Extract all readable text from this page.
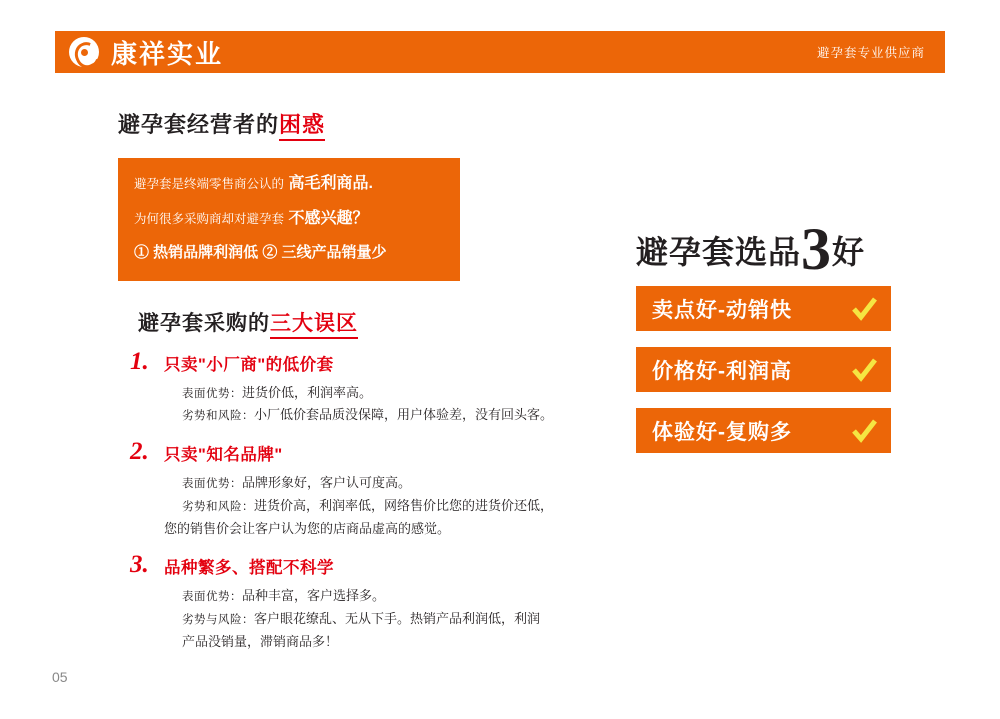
康祥实业	避孕套专业供应商
避孕套经营者的困惑
避孕套是终端零售商公认的 高毛利商品.
为何很多采购商却对避孕套 不感兴趣？
① 热销品牌利润低 ② 三线产品销量少
避孕套采购的三大误区
1. 只卖"小厂商"的低价套
表面优势：进货价低，利润率高。
劣势和风险：小厂低价套品质没保障，用户体验差，没有回头客。
2. 只卖"知名品牌"
表面优势：品牌形象好，客户认可度高。
劣势和风险：进货价高，利润率低，网络售价比您的进货价还低，
您的销售价会让客户认为您的店商品虚高的感觉。
3. 品种繁多、搭配不科学
表面优势：品种丰富，客户选择多。
劣势与风险：客户眼花缭乱、无从下手。热销产品利润低，利润
产品没销量，滞销商品多！
避孕套选品3好
卖点好-动销快
价格好-利润高
体验好-复购多
05
